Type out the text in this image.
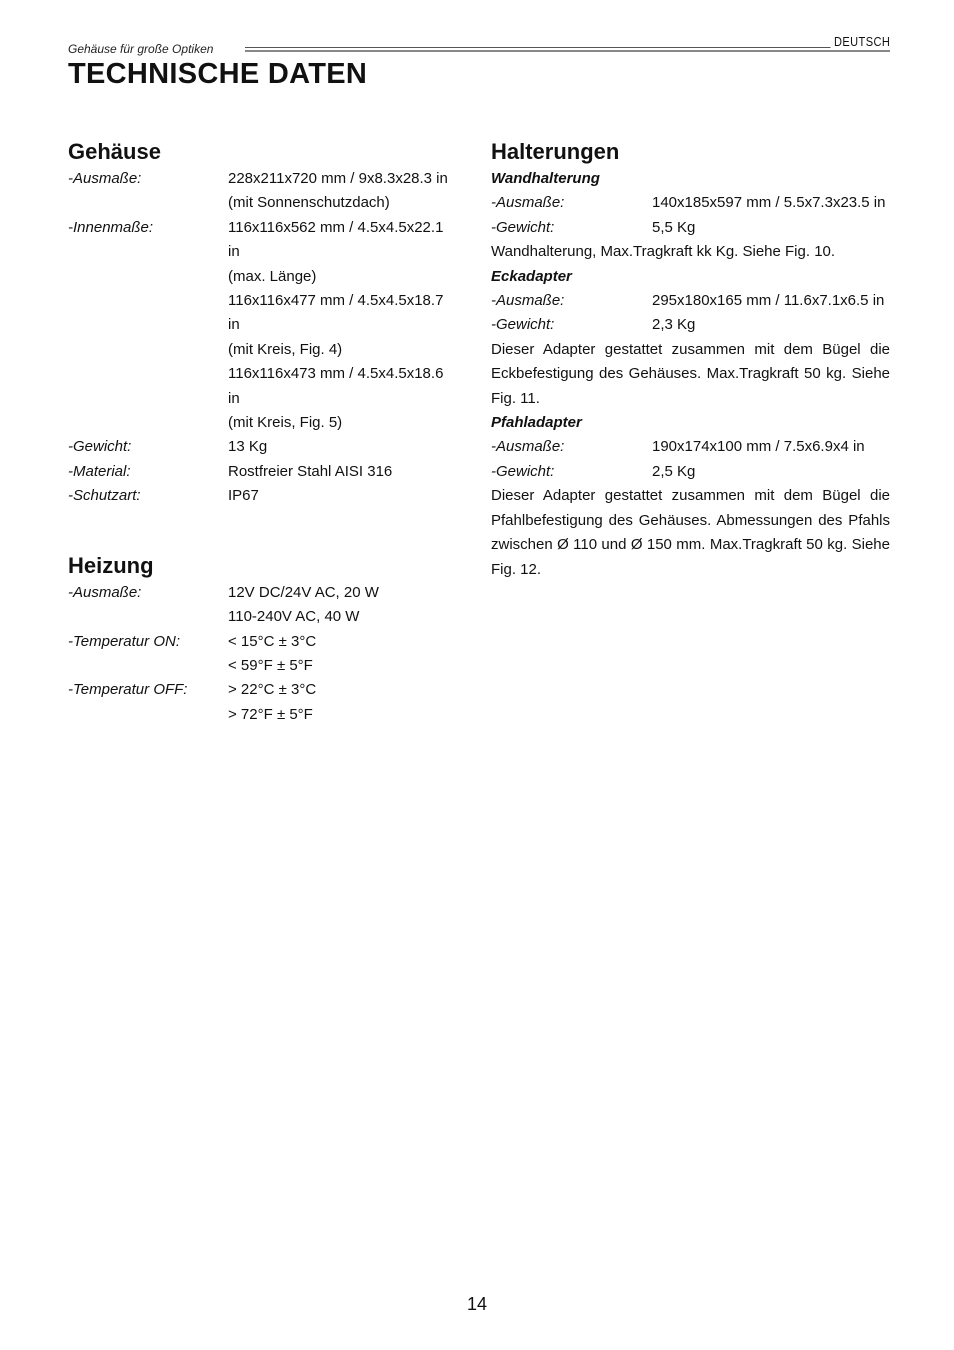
Gehäuse für große Optiken	DEUTSCH
TECHNISCHE DATEN
Gehäuse
-Ausmaße:	228x211x720 mm / 9x8.3x28.3 in
(mit Sonnenschutzdach)
-Innenmaße:	116x116x562 mm / 4.5x4.5x22.1 in
(max. Länge)
116x116x477 mm / 4.5x4.5x18.7 in
(mit Kreis, Fig. 4)
116x116x473 mm / 4.5x4.5x18.6 in
(mit Kreis, Fig. 5)
-Gewicht:	13 Kg
-Material:	Rostfreier Stahl AISI 316
-Schutzart:	IP67
Heizung
-Ausmaße:	12V DC/24V AC, 20 W
110-240V AC, 40 W
-Temperatur ON:	< 15°C ± 3°C
< 59°F ± 5°F
-Temperatur OFF:	> 22°C ± 3°C
> 72°F ± 5°F
Halterungen
Wandhalterung
-Ausmaße:	140x185x597 mm / 5.5x7.3x23.5 in
-Gewicht:	5,5 Kg
Wandhalterung, Max.Tragkraft kk Kg. Siehe Fig. 10.
Eckadapter
-Ausmaße:	295x180x165 mm / 11.6x7.1x6.5 in
-Gewicht:	2,3 Kg
Dieser Adapter gestattet zusammen mit dem Bügel die Eckbefestigung des Gehäuses. Max.Tragkraft 50 kg. Siehe Fig. 11.
Pfahladapter
-Ausmaße:	190x174x100 mm / 7.5x6.9x4 in
-Gewicht:	2,5 Kg
Dieser Adapter gestattet zusammen mit dem Bügel die Pfahlbefestigung des Gehäuses. Abmessungen des Pfahls zwischen Ø 110 und Ø 150 mm. Max.Tragkraft 50 kg. Siehe Fig. 12.
14
